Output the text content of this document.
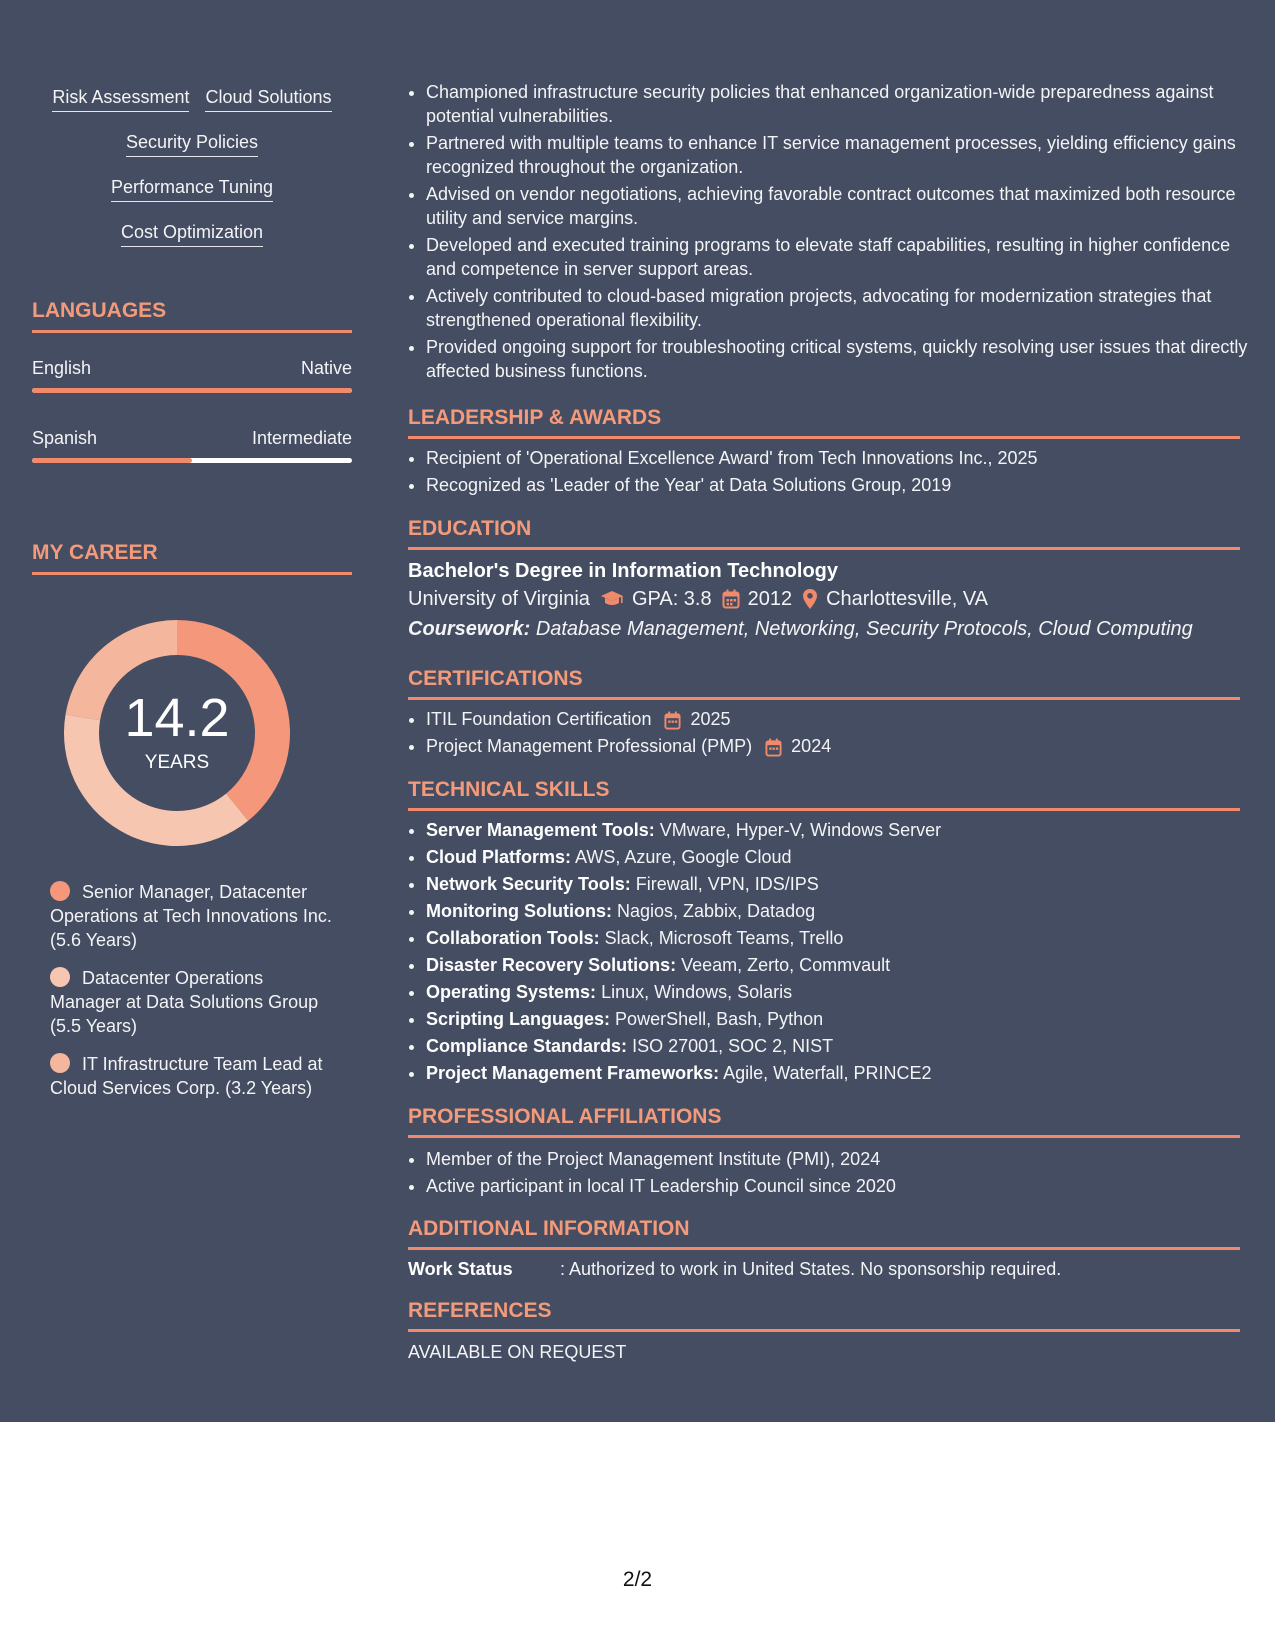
Risk Assessment Cloud Solutions
Security Policies
Performance Tuning
Cost Optimization
LANGUAGES
English	Native
Spanish	Intermediate
MY CAREER
14.2
YEARS
Senior Manager, Datacenter Operations at Tech Innovations Inc. (5.6 Years)
Datacenter Operations Manager at Data Solutions Group (5.5 Years)
IT Infrastructure Team Lead at Cloud Services Corp. (3.2 Years)
• Championed infrastructure security policies that enhanced organization-wide preparedness against potential vulnerabilities.
• Partnered with multiple teams to enhance IT service management processes, yielding efficiency gains recognized throughout the organization.
• Advised on vendor negotiations, achieving favorable contract outcomes that maximized both resource utility and service margins.
• Developed and executed training programs to elevate staff capabilities, resulting in higher confidence and competence in server support areas.
• Actively contributed to cloud-based migration projects, advocating for modernization strategies that strengthened operational flexibility.
• Provided ongoing support for troubleshooting critical systems, quickly resolving user issues that directly affected business functions.
LEADERSHIP & AWARDS
• Recipient of 'Operational Excellence Award' from Tech Innovations Inc., 2025
• Recognized as 'Leader of the Year' at Data Solutions Group, 2019
EDUCATION
Bachelor's Degree in Information Technology
University of Virginia GPA: 3.8 2012 Charlottesville, VA
Coursework: Database Management, Networking, Security Protocols, Cloud Computing
CERTIFICATIONS
• ITIL Foundation Certification 2025
• Project Management Professional (PMP) 2024
TECHNICAL SKILLS
• Server Management Tools: VMware, Hyper-V, Windows Server
• Cloud Platforms: AWS, Azure, Google Cloud
• Network Security Tools: Firewall, VPN, IDS/IPS
• Monitoring Solutions: Nagios, Zabbix, Datadog
• Collaboration Tools: Slack, Microsoft Teams, Trello
• Disaster Recovery Solutions: Veeam, Zerto, Commvault
• Operating Systems: Linux, Windows, Solaris
• Scripting Languages: PowerShell, Bash, Python
• Compliance Standards: ISO 27001, SOC 2, NIST
• Project Management Frameworks: Agile, Waterfall, PRINCE2
PROFESSIONAL AFFILIATIONS
• Member of the Project Management Institute (PMI), 2024
• Active participant in local IT Leadership Council since 2020
ADDITIONAL INFORMATION
Work Status	: Authorized to work in United States. No sponsorship required.
REFERENCES
AVAILABLE ON REQUEST
2/2
